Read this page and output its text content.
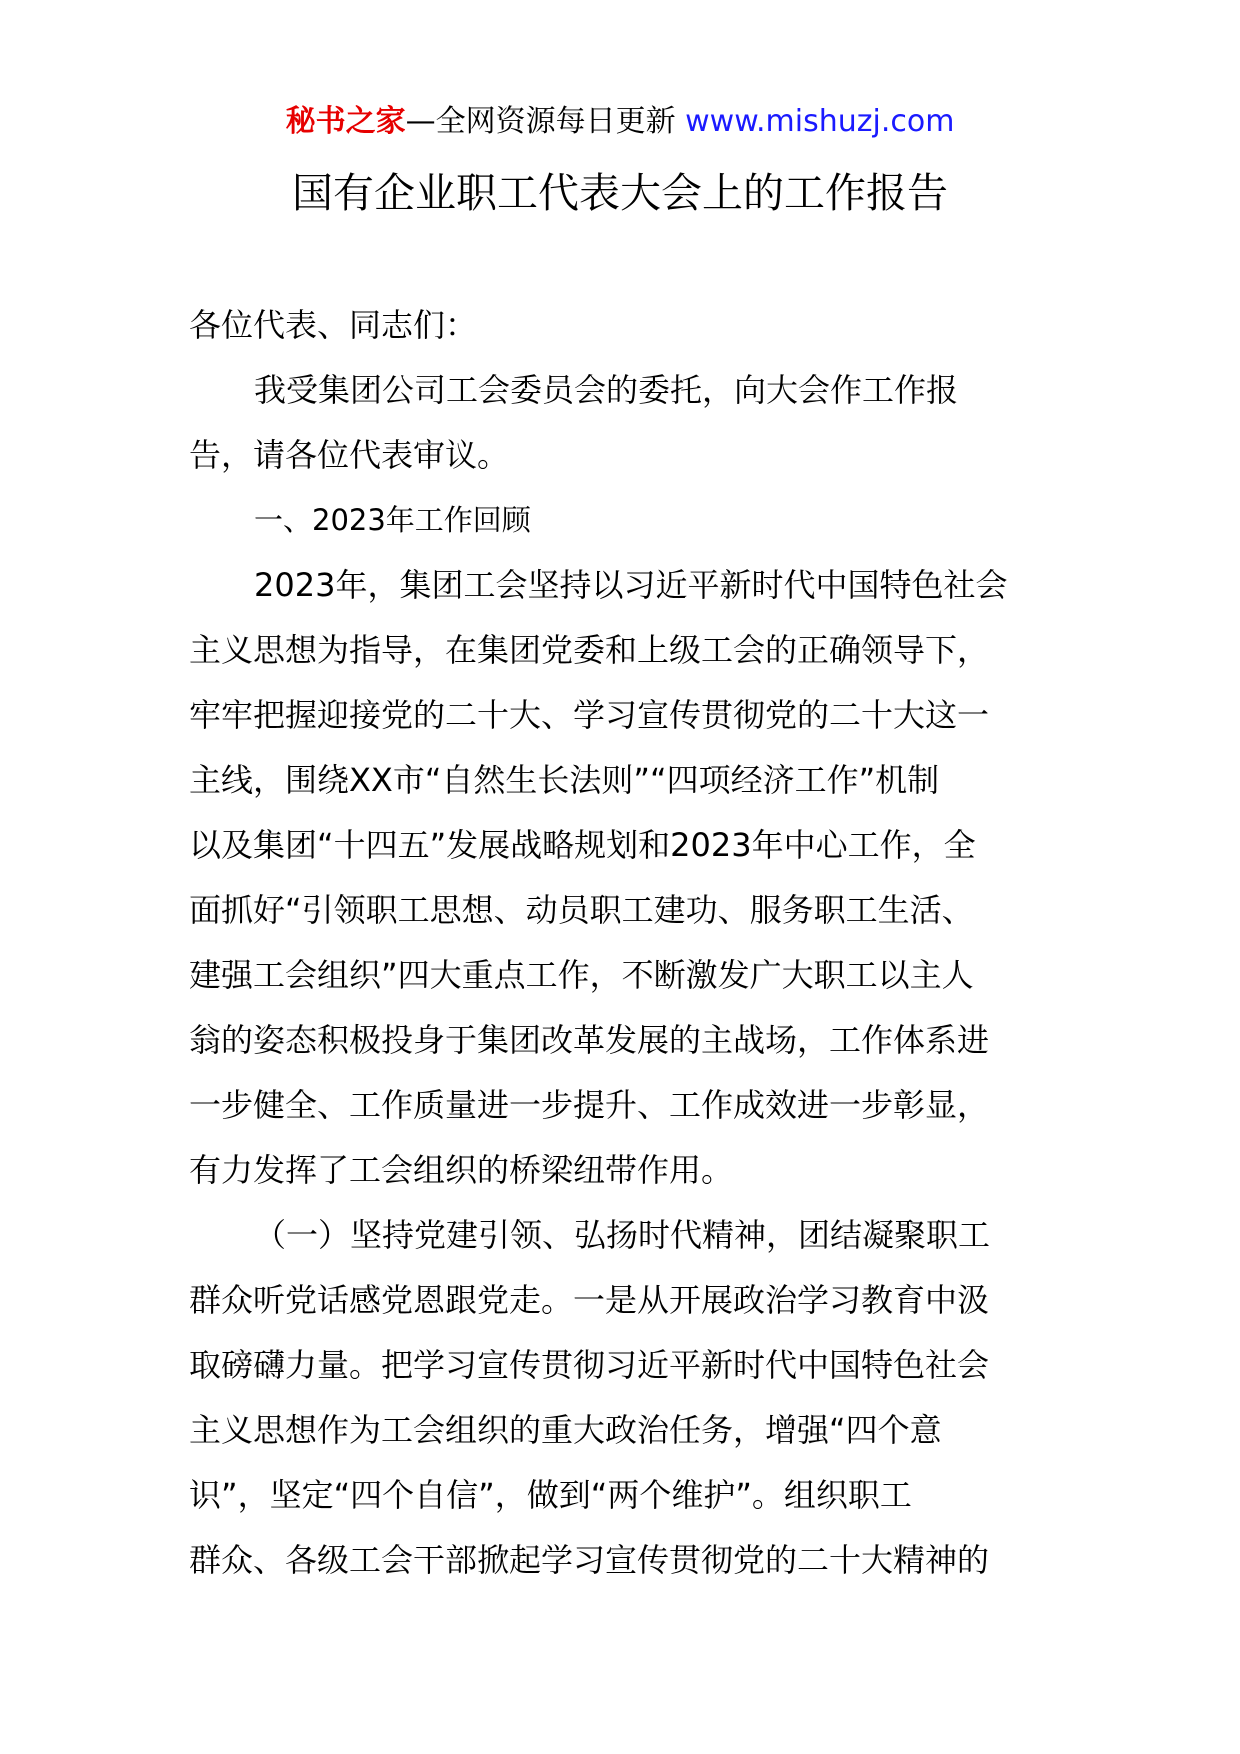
秘书之家—全网资源每日更新 www.mishuzj.com
国有企业职工代表大会上的工作报告
各位代表、同志们：
我受集团公司工会委员会的委托，向大会作工作报
告，请各位代表审议。
一、2023年工作回顾
2023年，集团工会坚持以习近平新时代中国特色社会
主义思想为指导，在集团党委和上级工会的正确领导下，
牢牢把握迎接党的二十大、学习宣传贯彻党的二十大这一
主线，围绕XX市“自然生长法则”“四项经济工作”机制
以及集团“十四五”发展战略规划和2023年中心工作，全
面抓好“引领职工思想、动员职工建功、服务职工生活、
建强工会组织”四大重点工作，不断激发广大职工以主人
翁的姿态积极投身于集团改革发展的主战场，工作体系进
一步健全、工作质量进一步提升、工作成效进一步彰显，
有力发挥了工会组织的桥梁纽带作用。
（一）坚持党建引领、弘扬时代精神，团结凝聚职工
群众听党话感党恩跟党走。一是从开展政治学习教育中汲
取磅礴力量。把学习宣传贯彻习近平新时代中国特色社会
主义思想作为工会组织的重大政治任务，增强“四个意
识”，坚定“四个自信”，做到“两个维护”。组织职工
群众、各级工会干部掀起学习宣传贯彻党的二十大精神的
